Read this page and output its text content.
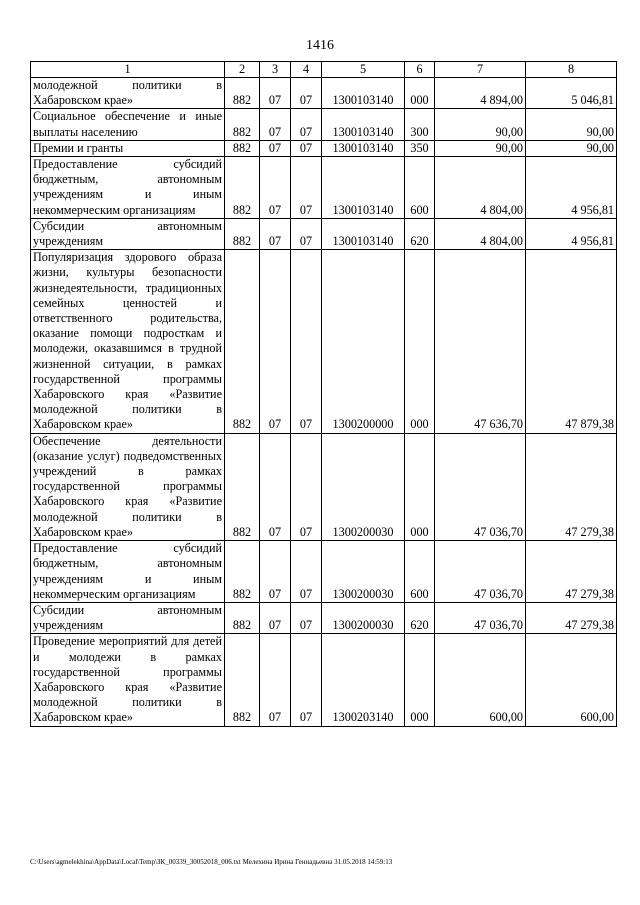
1416
1	2	3	4	5	6	7	8
молодежной политики в Хабаровском крае»	882	07	07	1300103140	000	4 894,00	5 046,81
Социальное обеспечение и иные выплаты населению	882	07	07	1300103140	300	90,00	90,00
Премии и гранты	882	07	07	1300103140	350	90,00	90,00
Предоставление субсидий бюджетным, автономным учреждениям и иным некоммерческим организациям	882	07	07	1300103140	600	4 804,00	4 956,81
Субсидии автономным учреждениям	882	07	07	1300103140	620	4 804,00	4 956,81
Популяризация здорового образа жизни, культуры безопасности жизнедеятельности, традиционных семейных ценностей и ответственного родительства, оказание помощи подросткам и молодежи, оказавшимся в трудной жизненной ситуации, в рамках государственной программы Хабаровского края «Развитие молодежной политики в Хабаровском крае»	882	07	07	1300200000	000	47 636,70	47 879,38
Обеспечение деятельности (оказание услуг) подведомственных учреждений в рамках государственной программы Хабаровского края «Развитие молодежной политики в Хабаровском крае»	882	07	07	1300200030	000	47 036,70	47 279,38
Предоставление субсидий бюджетным, автономным учреждениям и иным некоммерческим организациям	882	07	07	1300200030	600	47 036,70	47 279,38
Субсидии автономным учреждениям	882	07	07	1300200030	620	47 036,70	47 279,38
Проведение мероприятий для детей и молодежи в рамках государственной программы Хабаровского края «Развитие молодежной политики в Хабаровском крае»	882	07	07	1300203140	000	600,00	600,00
C:\Users\agmelekhina\AppData\Local\Temp\ЗК_00339_30052018_006.txt Мелехина Ирина Геннадьевна 31.05.2018 14:59:13
